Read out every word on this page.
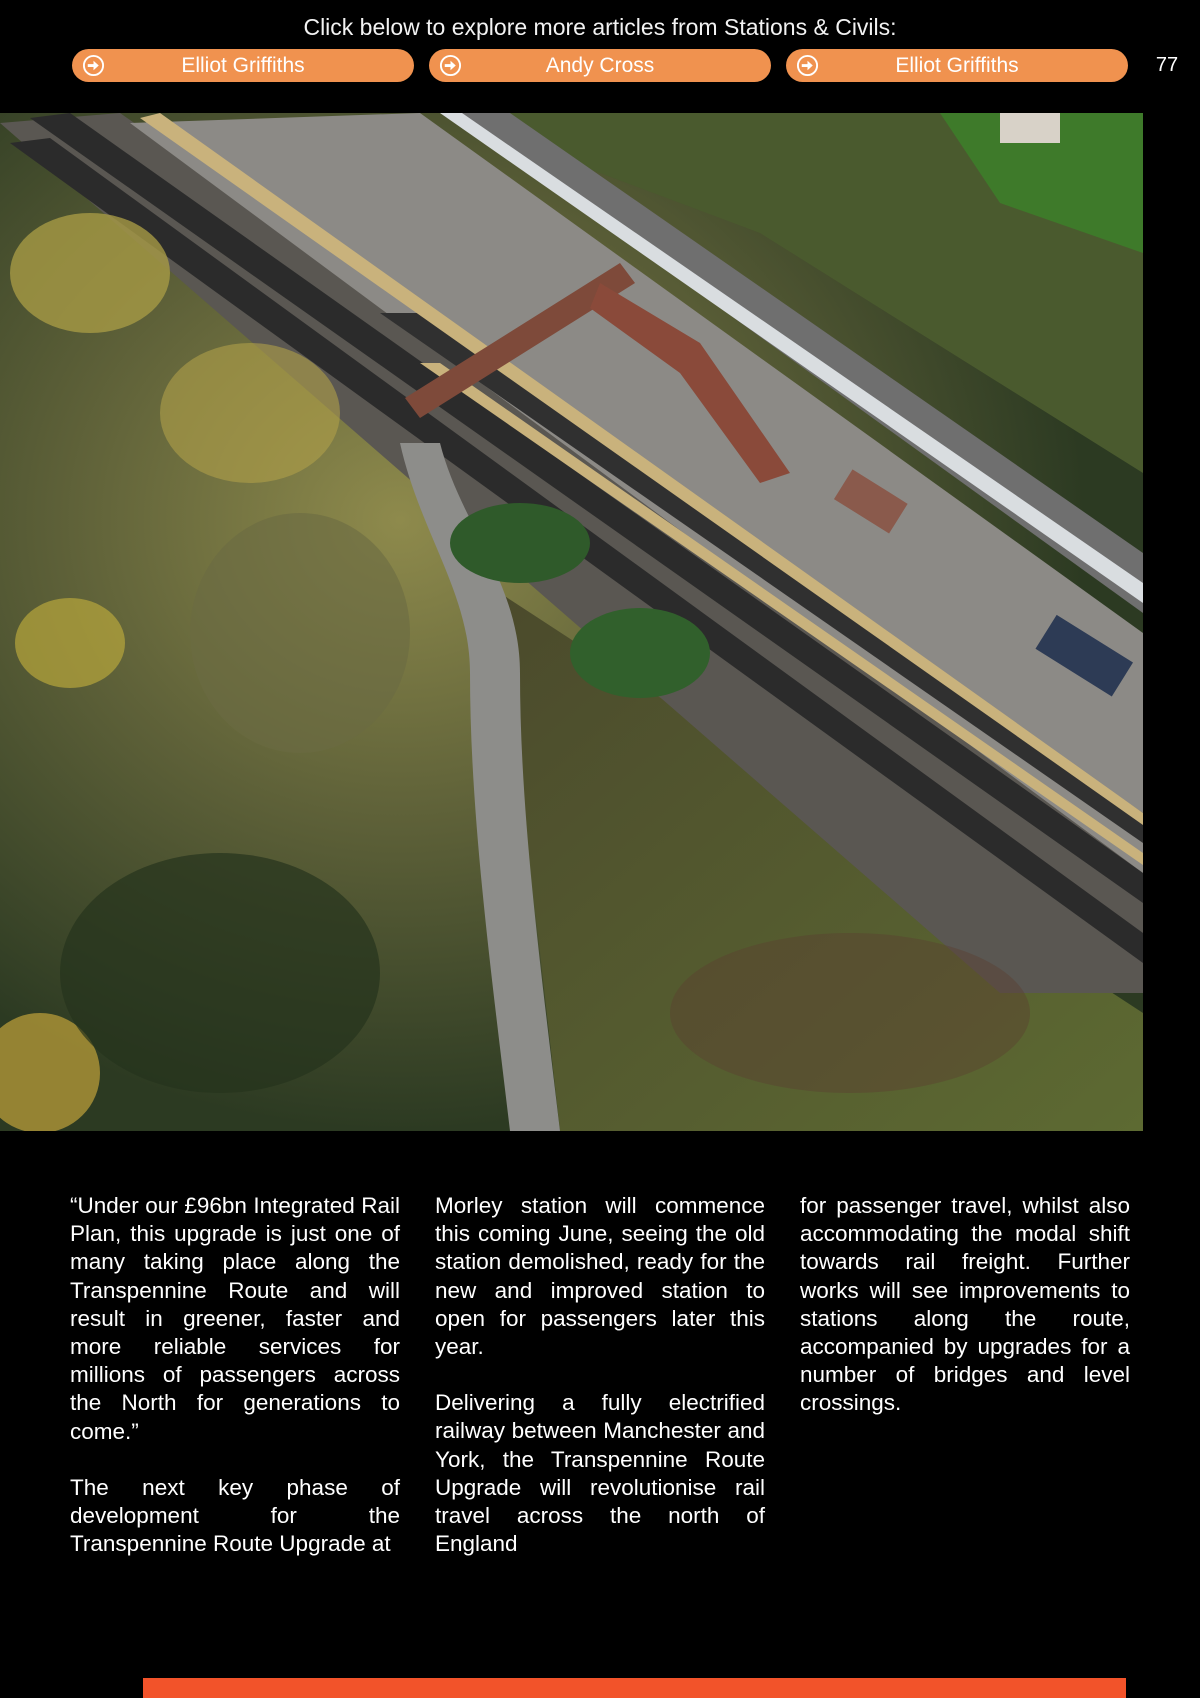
Click below to explore more articles from Stations & Civils:
Elliot Griffiths	Andy Cross	Elliot Griffiths	77

“Under our £96bn Integrated Rail Plan, this upgrade is just one of many taking place along the Transpennine Route and will result in greener, faster and more reliable services for millions of passengers across the North for generations to come.”

The next key phase of development for the Transpennine Route Upgrade at

Morley station will commence this coming June, seeing the old station demolished, ready for the new and improved station to open for passengers later this year.

Delivering a fully electrified railway between Manchester and York, the Transpennine Route Upgrade will revolutionise rail travel across the north of England

for passenger travel, whilst also accommodating the modal shift towards rail freight. Further works will see improvements to stations along the route, accompanied by upgrades for a number of bridges and level crossings.
